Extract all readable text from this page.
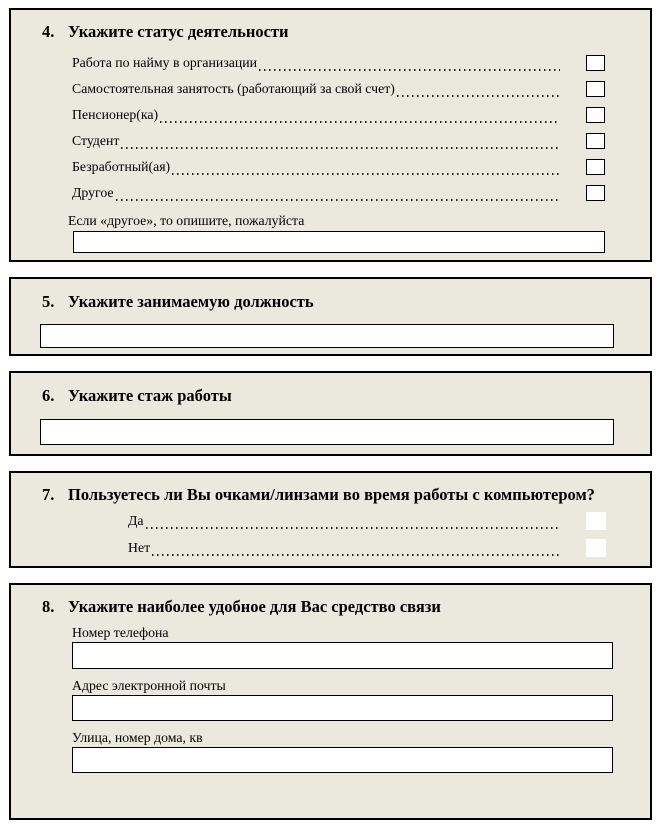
4. Укажите статус деятельности
Работа по найму в организации
Самостоятельная занятость (работающий за свой счет)
Пенсионер(ка)
Студент
Безработный(ая)
Другое
Если «другое», то опишите, пожалуйста
5. Укажите занимаемую должность
6. Укажите стаж работы
7. Пользуетесь ли Вы очками/линзами во время работы с компьютером?
Да
Нет
8. Укажите наиболее удобное для Вас средство связи
Номер телефона
Адрес электронной почты
Улица, номер дома, кв
